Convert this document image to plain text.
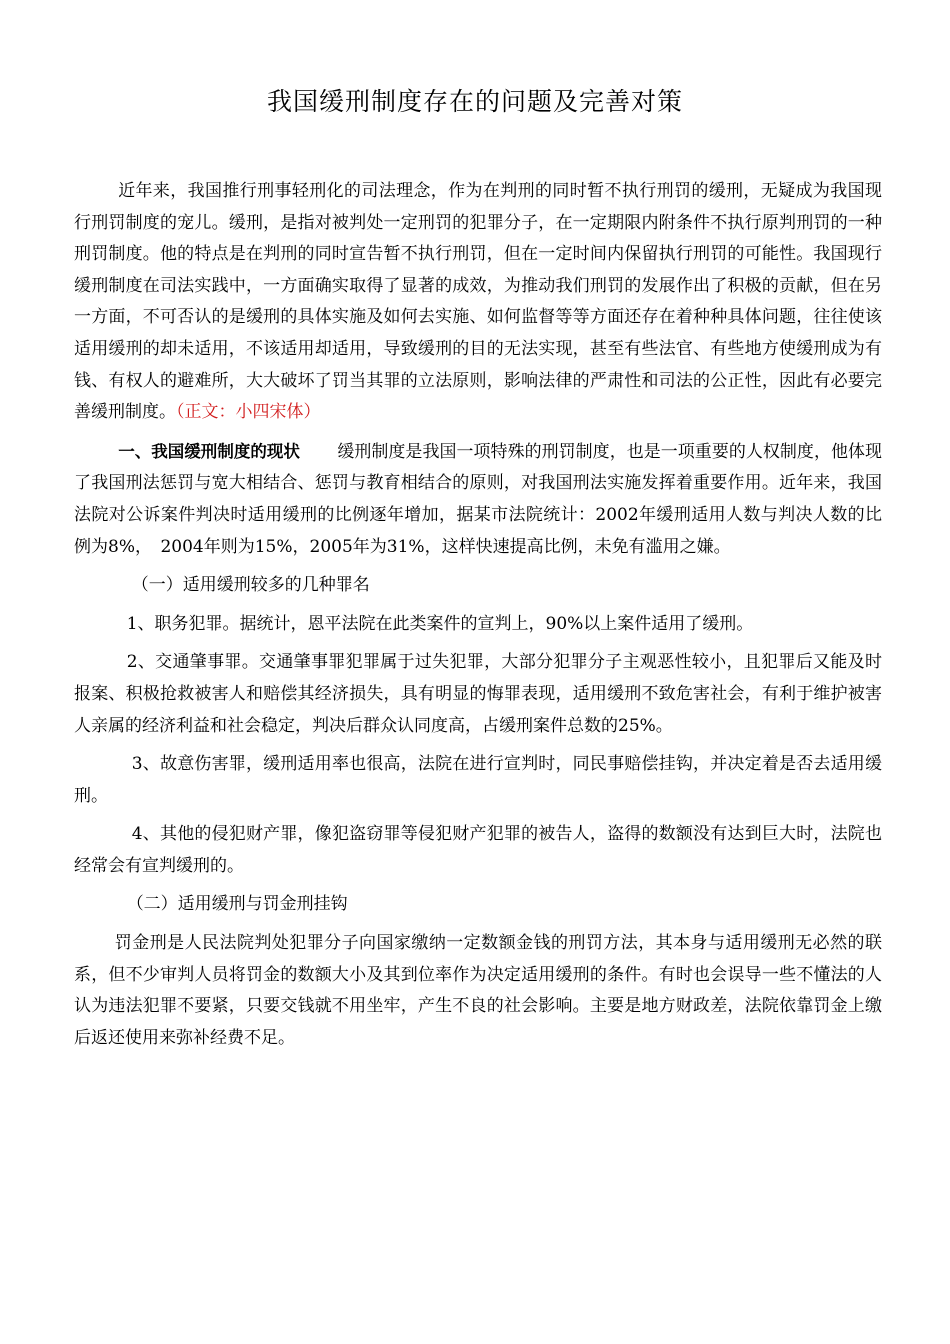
我国缓刑制度存在的问题及完善对策

近年来，我国推行刑事轻刑化的司法理念，作为在判刑的同时暂不执行刑罚的缓刑，无疑成为我国现行刑罚制度的宠儿。缓刑，是指对被判处一定刑罚的犯罪分子，在一定期限内附条件不执行原判刑罚的一种刑罚制度。他的特点是在判刑的同时宣告暂不执行刑罚，但在一定时间内保留执行刑罚的可能性。我国现行缓刑制度在司法实践中，一方面确实取得了显著的成效，为推动我们刑罚的发展作出了积极的贡献，但在另一方面，不可否认的是缓刑的具体实施及如何去实施、如何监督等等方面还存在着种种具体问题，往往使该适用缓刑的却未适用，不该适用却适用，导致缓刑的目的无法实现，甚至有些法官、有些地方使缓刑成为有钱、有权人的避难所，大大破坏了罚当其罪的立法原则，影响法律的严肃性和司法的公正性，因此有必要完善缓刑制度。（正文：小四宋体）

一、我国缓刑制度的现状 缓刑制度是我国一项特殊的刑罚制度，也是一项重要的人权制度，他体现了我国刑法惩罚与宽大相结合、惩罚与教育相结合的原则，对我国刑法实施发挥着重要作用。近年来，我国法院对公诉案件判决时适用缓刑的比例逐年增加，据某市法院统计：2002年缓刑适用人数与判决人数的比例为8%，　2004年则为15%，2005年为31%，这样快速提高比例，未免有滥用之嫌。

（一）适用缓刑较多的几种罪名

1、职务犯罪。据统计，恩平法院在此类案件的宣判上，90%以上案件适用了缓刑。

2、交通肇事罪。交通肇事罪犯罪属于过失犯罪，大部分犯罪分子主观恶性较小，且犯罪后又能及时报案、积极抢救被害人和赔偿其经济损失，具有明显的悔罪表现，适用缓刑不致危害社会，有利于维护被害人亲属的经济利益和社会稳定，判决后群众认同度高，占缓刑案件总数的25%。

3、故意伤害罪，缓刑适用率也很高，法院在进行宣判时，同民事赔偿挂钩，并决定着是否去适用缓刑。

4、其他的侵犯财产罪，像犯盗窃罪等侵犯财产犯罪的被告人，盗得的数额没有达到巨大时，法院也经常会有宣判缓刑的。

（二）适用缓刑与罚金刑挂钩

罚金刑是人民法院判处犯罪分子向国家缴纳一定数额金钱的刑罚方法，其本身与适用缓刑无必然的联系，但不少审判人员将罚金的数额大小及其到位率作为决定适用缓刑的条件。有时也会误导一些不懂法的人认为违法犯罪不要紧，只要交钱就不用坐牢，产生不良的社会影响。主要是地方财政差，法院依靠罚金上缴后返还使用来弥补经费不足。
